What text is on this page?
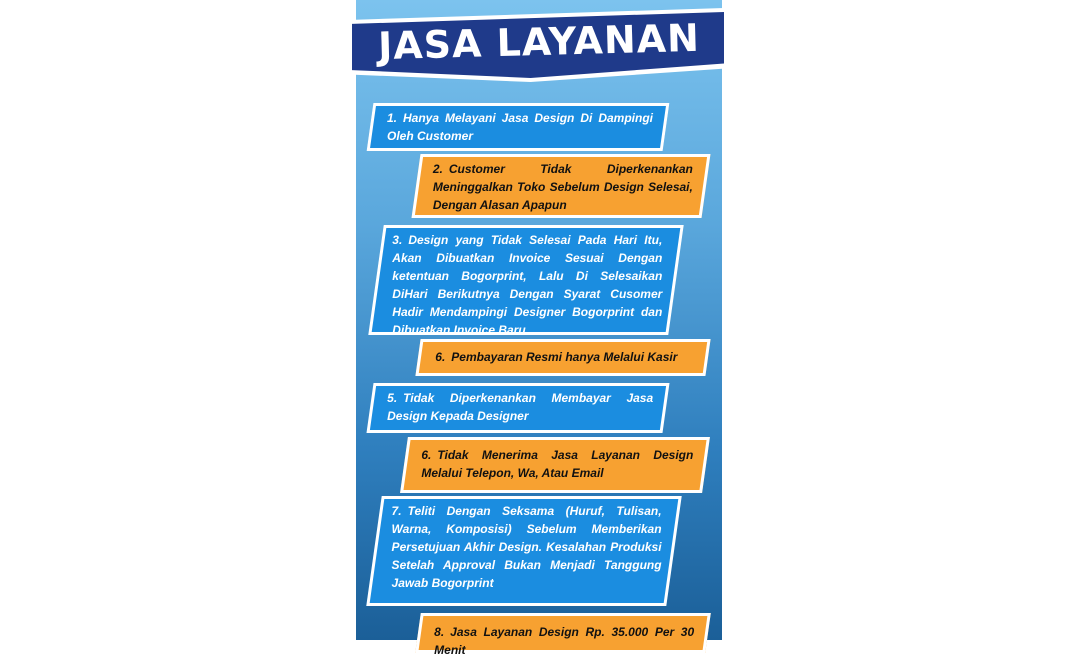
JASA LAYANAN
1. Hanya Melayani Jasa Design Di Dampingi Oleh Customer
2. Customer Tidak Diperkenankan Meninggalkan Toko Sebelum Design Selesai, Dengan Alasan Apapun
3. Design yang Tidak Selesai Pada Hari Itu, Akan Dibuatkan Invoice Sesuai Dengan ketentuan Bogorprint, Lalu Di Selesaikan DiHari Berikutnya Dengan Syarat Cusomer Hadir Mendampingi Designer Bogorprint dan Dibuatkan Invoice Baru
6. Pembayaran Resmi hanya Melalui Kasir
5. Tidak Diperkenankan Membayar Jasa Design Kepada Designer
6. Tidak Menerima Jasa Layanan Design Melalui Telepon, Wa, Atau Email
7. Teliti Dengan Seksama (Huruf, Tulisan, Warna, Komposisi) Sebelum Memberikan Persetujuan Akhir Design. Kesalahan Produksi Setelah Approval Bukan Menjadi Tanggung Jawab Bogorprint
8. Jasa Layanan Design Rp. 35.000 Per 30 Menit
